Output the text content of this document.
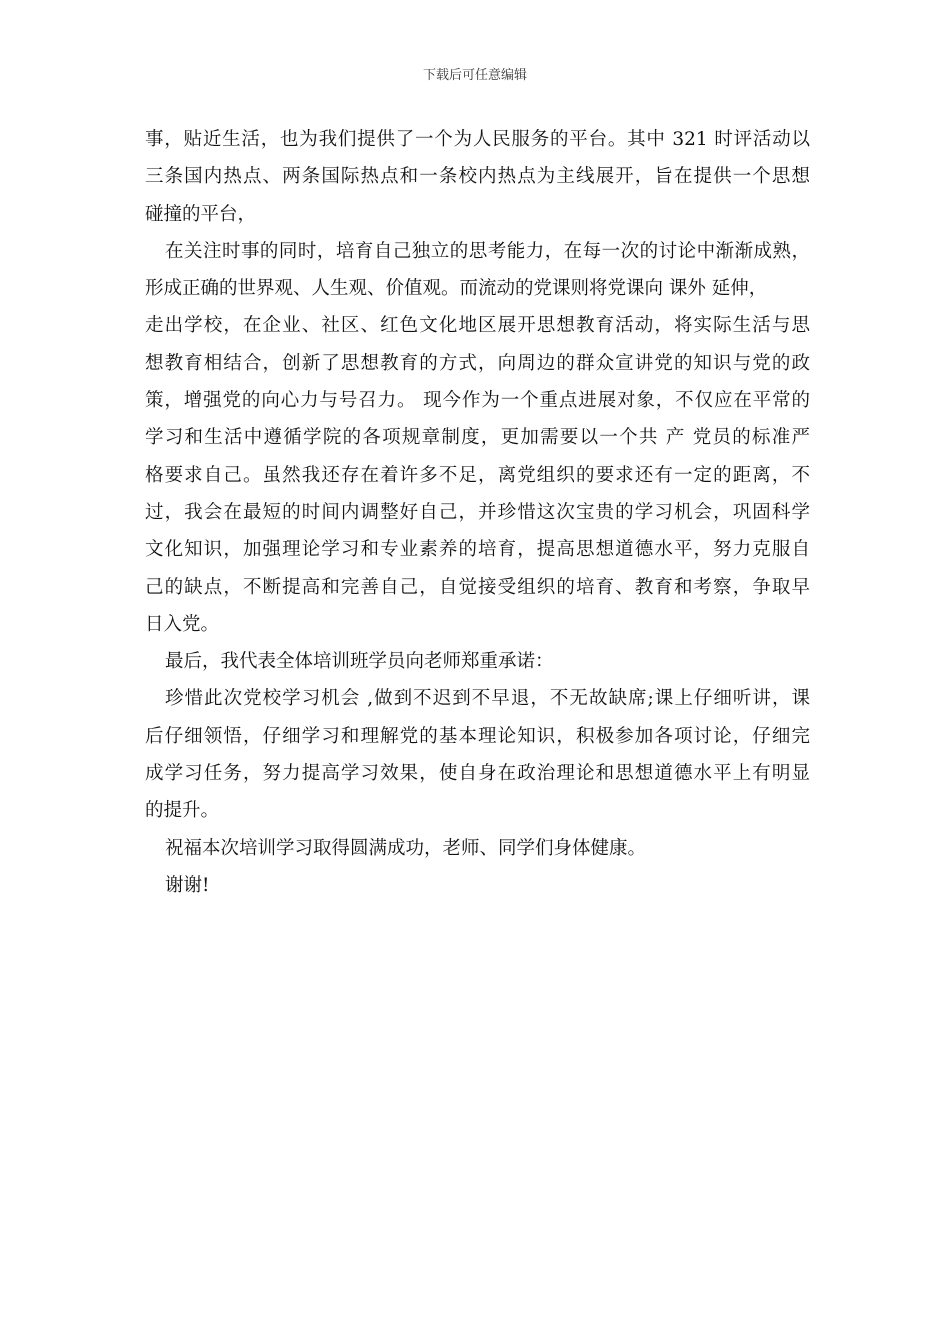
下载后可任意编辑
事，贴近生活，也为我们提供了一个为人民服务的平台。其中 321 时评活动以
三条国内热点、两条国际热点和一条校内热点为主线展开，旨在提供一个思想
碰撞的平台，
在关注时事的同时，培育自己独立的思考能力，在每一次的讨论中渐渐成熟，
形成正确的世界观、人生观、价值观。而流动的党课则将党课向 课外 延伸，
走出学校，在企业、社区、红色文化地区展开思想教育活动，将实际生活与思
想教育相结合，创新了思想教育的方式，向周边的群众宣讲党的知识与党的政
策，增强党的向心力与号召力。 现今作为一个重点进展对象，不仅应在平常的
学习和生活中遵循学院的各项规章制度，更加需要以一个共 产 党员的标准严
格要求自己。虽然我还存在着许多不足，离党组织的要求还有一定的距离，不
过，我会在最短的时间内调整好自己，并珍惜这次宝贵的学习机会，巩固科学
文化知识，加强理论学习和专业素养的培育，提高思想道德水平，努力克服自
己的缺点，不断提高和完善自己，自觉接受组织的培育、教育和考察，争取早
日入党。
最后，我代表全体培训班学员向老师郑重承诺：
珍惜此次党校学习机会 ,做到不迟到不早退，不无故缺席;课上仔细听讲，课
后仔细领悟，仔细学习和理解党的基本理论知识，积极参加各项讨论，仔细完
成学习任务，努力提高学习效果，使自身在政治理论和思想道德水平上有明显
的提升。
祝福本次培训学习取得圆满成功，老师、同学们身体健康。
谢谢!
